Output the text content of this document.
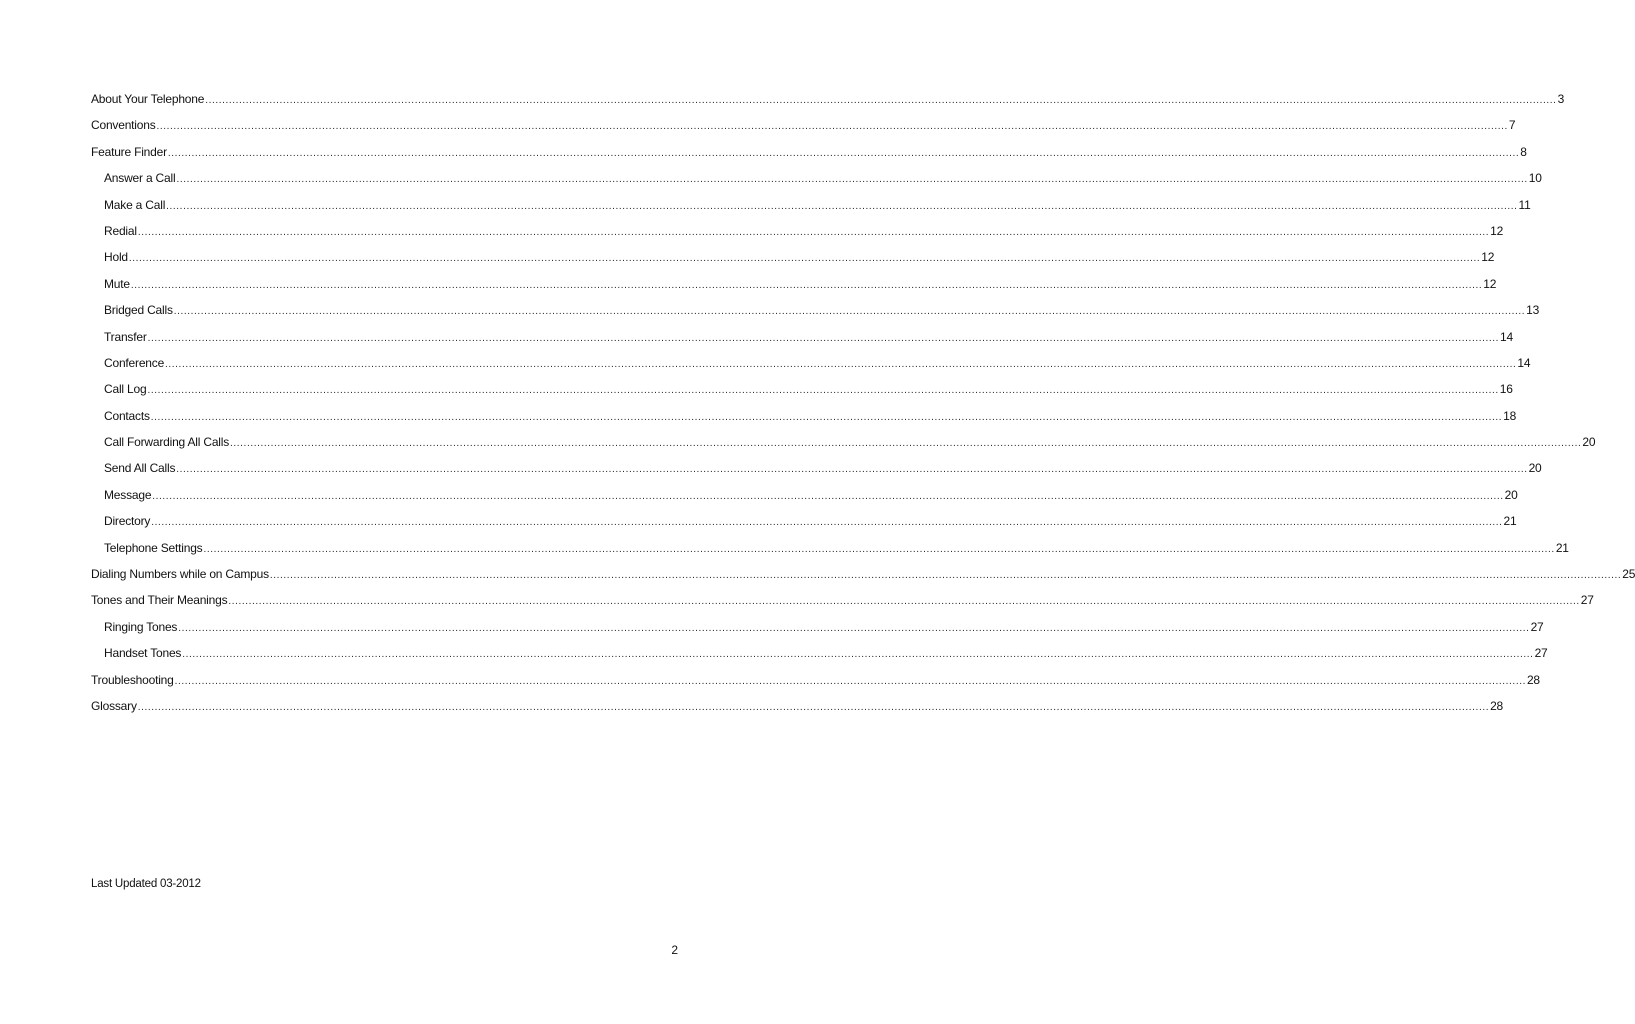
About Your Telephone ................................................................................................................................................................................................................................................................................................................................................................................................................ 3
Conventions ................................................................................................................................................................................................................................................................................................................................................................................................................ 7
Feature Finder ................................................................................................................................................................................................................................................................................................................................................................................................................ 8
Answer a Call ................................................................................................................................................................................................................................................................................................................................................................................................................ 10
Make a Call ................................................................................................................................................................................................................................................................................................................................................................................................................ 11
Redial ................................................................................................................................................................................................................................................................................................................................................................................................................ 12
Hold ................................................................................................................................................................................................................................................................................................................................................................................................................ 12
Mute ................................................................................................................................................................................................................................................................................................................................................................................................................ 12
Bridged Calls ................................................................................................................................................................................................................................................................................................................................................................................................................ 13
Transfer ................................................................................................................................................................................................................................................................................................................................................................................................................ 14
Conference ................................................................................................................................................................................................................................................................................................................................................................................................................ 14
Call Log ................................................................................................................................................................................................................................................................................................................................................................................................................ 16
Contacts ................................................................................................................................................................................................................................................................................................................................................................................................................ 18
Call Forwarding All Calls ................................................................................................................................................................................................................................................................................................................................................................................................................ 20
Send All Calls ................................................................................................................................................................................................................................................................................................................................................................................................................ 20
Message ................................................................................................................................................................................................................................................................................................................................................................................................................ 20
Directory ................................................................................................................................................................................................................................................................................................................................................................................................................ 21
Telephone Settings ................................................................................................................................................................................................................................................................................................................................................................................................................ 21
Dialing Numbers while on Campus ................................................................................................................................................................................................................................................................................................................................................................................................................ 25
Tones and Their Meanings ................................................................................................................................................................................................................................................................................................................................................................................................................ 27
Ringing Tones ................................................................................................................................................................................................................................................................................................................................................................................................................ 27
Handset Tones ................................................................................................................................................................................................................................................................................................................................................................................................................ 27
Troubleshooting ................................................................................................................................................................................................................................................................................................................................................................................................................ 28
Glossary ................................................................................................................................................................................................................................................................................................................................................................................................................ 28
Last Updated 03-2012
2
